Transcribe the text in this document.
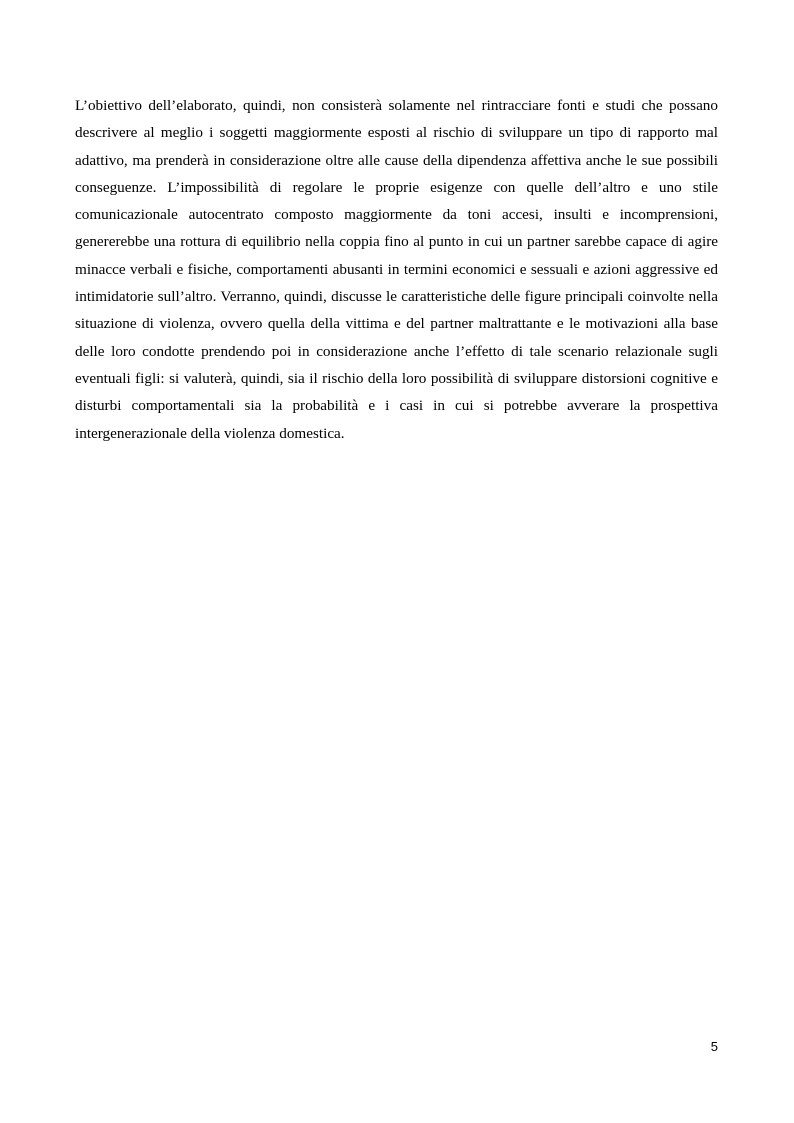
L’obiettivo dell’elaborato, quindi, non consisterà solamente nel rintracciare fonti e studi che possano descrivere al meglio i soggetti maggiormente esposti al rischio di sviluppare un tipo di rapporto mal adattivo, ma prenderà in considerazione oltre alle cause della dipendenza affettiva anche le sue possibili conseguenze. L’impossibilità di regolare le proprie esigenze con quelle dell’altro e uno stile comunicazionale autocentrato composto maggiormente da toni accesi, insulti e incomprensioni, genererebbe una rottura di equilibrio nella coppia fino al punto in cui un partner sarebbe capace di agire minacce verbali e fisiche, comportamenti abusanti in termini economici e sessuali e azioni aggressive ed intimidatorie sull’altro. Verranno, quindi, discusse le caratteristiche delle figure principali coinvolte nella situazione di violenza, ovvero quella della vittima e del partner maltrattante e le motivazioni alla base delle loro condotte prendendo poi in considerazione anche l’effetto di tale scenario relazionale sugli eventuali figli: si valuterà, quindi, sia il rischio della loro possibilità di sviluppare distorsioni cognitive e disturbi comportamentali sia la probabilità e i casi in cui si potrebbe avverare la prospettiva intergenerazionale della violenza domestica.

5
